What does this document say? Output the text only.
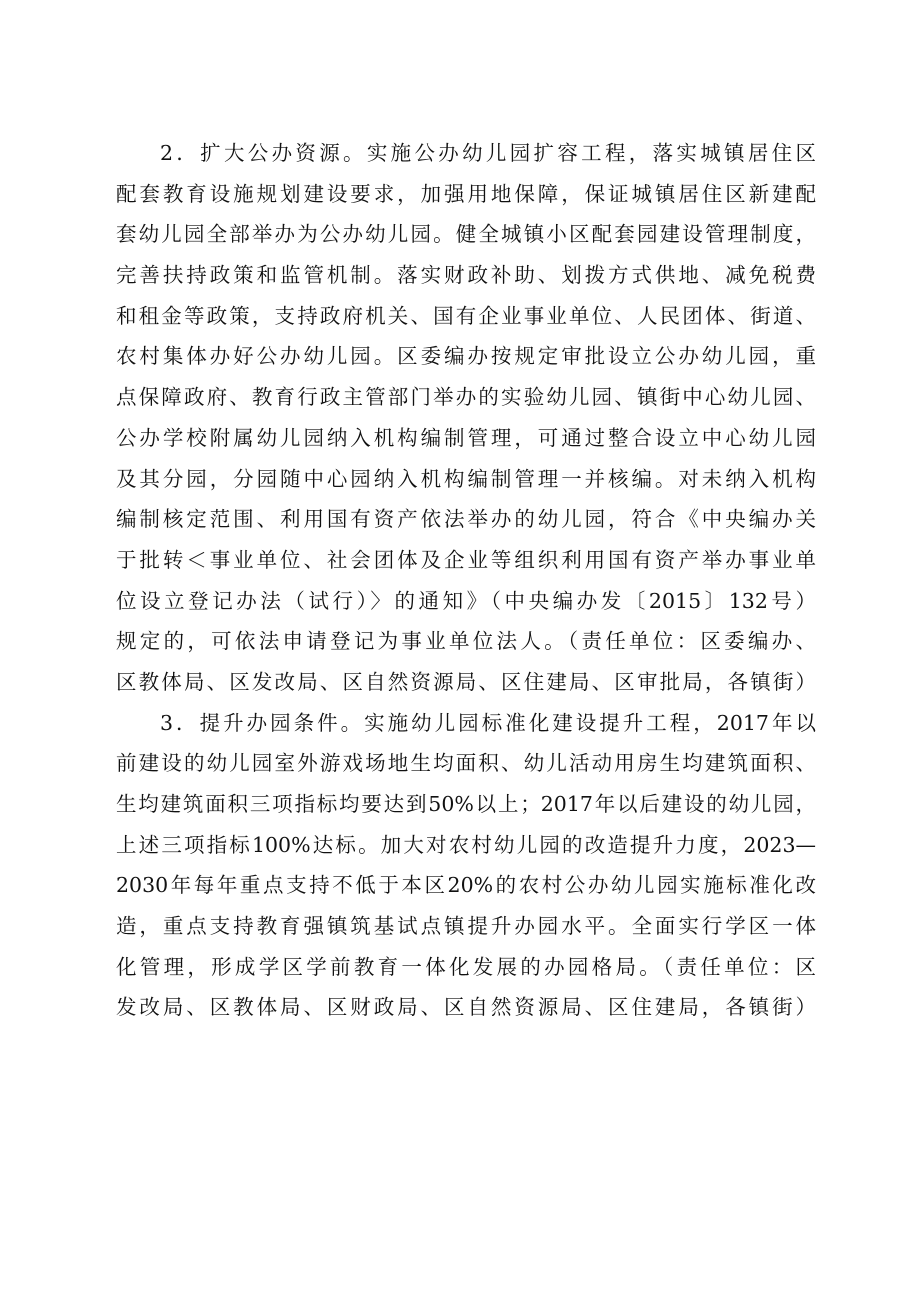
2．扩大公办资源。实施公办幼儿园扩容工程，落实城镇居住区
配套教育设施规划建设要求，加强用地保障，保证城镇居住区新建配
套幼儿园全部举办为公办幼儿园。健全城镇小区配套园建设管理制度，
完善扶持政策和监管机制。落实财政补助、划拨方式供地、减免税费
和租金等政策，支持政府机关、国有企业事业单位、人民团体、街道、
农村集体办好公办幼儿园。区委编办按规定审批设立公办幼儿园，重
点保障政府、教育行政主管部门举办的实验幼儿园、镇街中心幼儿园、
公办学校附属幼儿园纳入机构编制管理，可通过整合设立中心幼儿园
及其分园，分园随中心园纳入机构编制管理一并核编。对未纳入机构
编制核定范围、利用国有资产依法举办的幼儿园，符合《中央编办关
于批转＜事业单位、社会团体及企业等组织利用国有资产举办事业单
位设立登记办法（试行）〉的通知》（中央编办发〔2015〕132号）
规定的，可依法申请登记为事业单位法人。（责任单位：区委编办、
区教体局、区发改局、区自然资源局、区住建局、区审批局，各镇街）
3．提升办园条件。实施幼儿园标准化建设提升工程，2017年以
前建设的幼儿园室外游戏场地生均面积、幼儿活动用房生均建筑面积、
生均建筑面积三项指标均要达到50%以上；2017年以后建设的幼儿园，
上述三项指标100%达标。加大对农村幼儿园的改造提升力度，2023—
2030年每年重点支持不低于本区20%的农村公办幼儿园实施标准化改
造，重点支持教育强镇筑基试点镇提升办园水平。全面实行学区一体
化管理，形成学区学前教育一体化发展的办园格局。（责任单位：区
发改局、区教体局、区财政局、区自然资源局、区住建局，各镇街）
